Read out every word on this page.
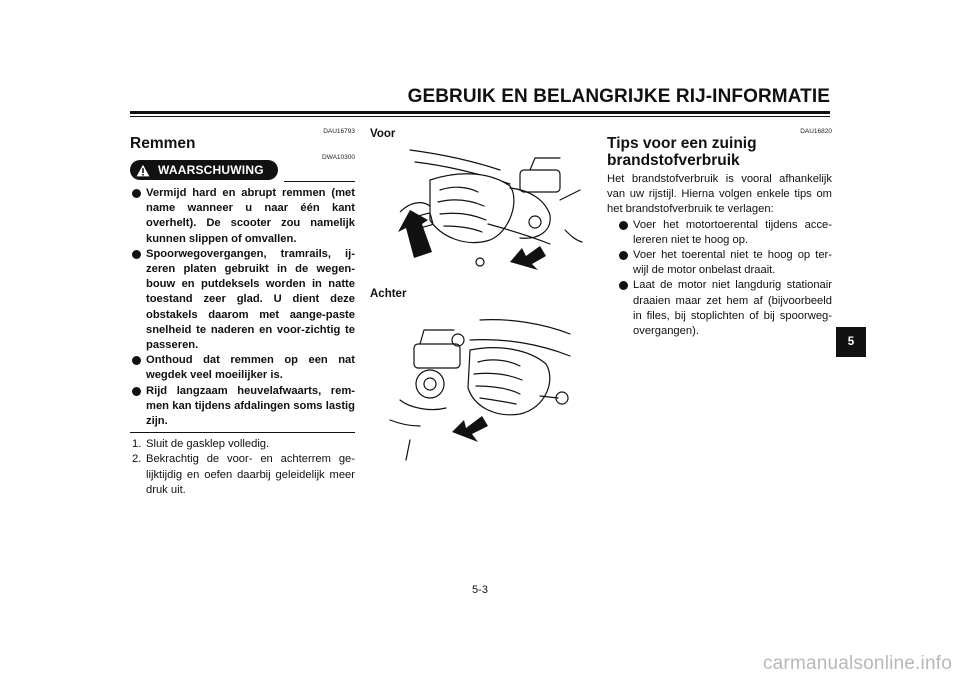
GEBRUIK EN BELANGRIJKE RIJ-INFORMATIE
DAU16793
Remmen
WAARSCHUWING
DWA10300
Vermijd hard en abrupt remmen (met name wanneer u naar één kant overhelt). De scooter zou namelijk kunnen slippen of omvallen.
Spoorwegovergangen, tramrails, ij-zeren platen gebruikt in de wegen-bouw en putdeksels worden in natte toestand zeer glad. U dient deze obstakels daarom met aange-paste snelheid te naderen en voor-zichtig te passeren.
Onthoud dat remmen op een nat wegdek veel moeilijker is.
Rijd langzaam heuvelafwaarts, rem-men kan tijdens afdalingen soms lastig zijn.
1. Sluit de gasklep volledig.
2. Bekrachtig de voor- en achterrem ge-lijktijdig en oefen daarbij geleidelijk meer druk uit.
Voor
Achter
DAU16820
Tips voor een zuinig brandstofverbruik
Het brandstofverbruik is vooral afhankelijk van uw rijstijl. Hierna volgen enkele tips om het brandstofverbruik te verlagen:
Voer het motortoerental tijdens acce-lereren niet te hoog op.
Voer het toerental niet te hoog op ter-wijl de motor onbelast draait.
Laat de motor niet langdurig stationair draaien maar zet hem af (bijvoorbeeld in files, bij stoplichten of bij spoorweg-overgangen).
5
5-3
carmanualsonline.info
